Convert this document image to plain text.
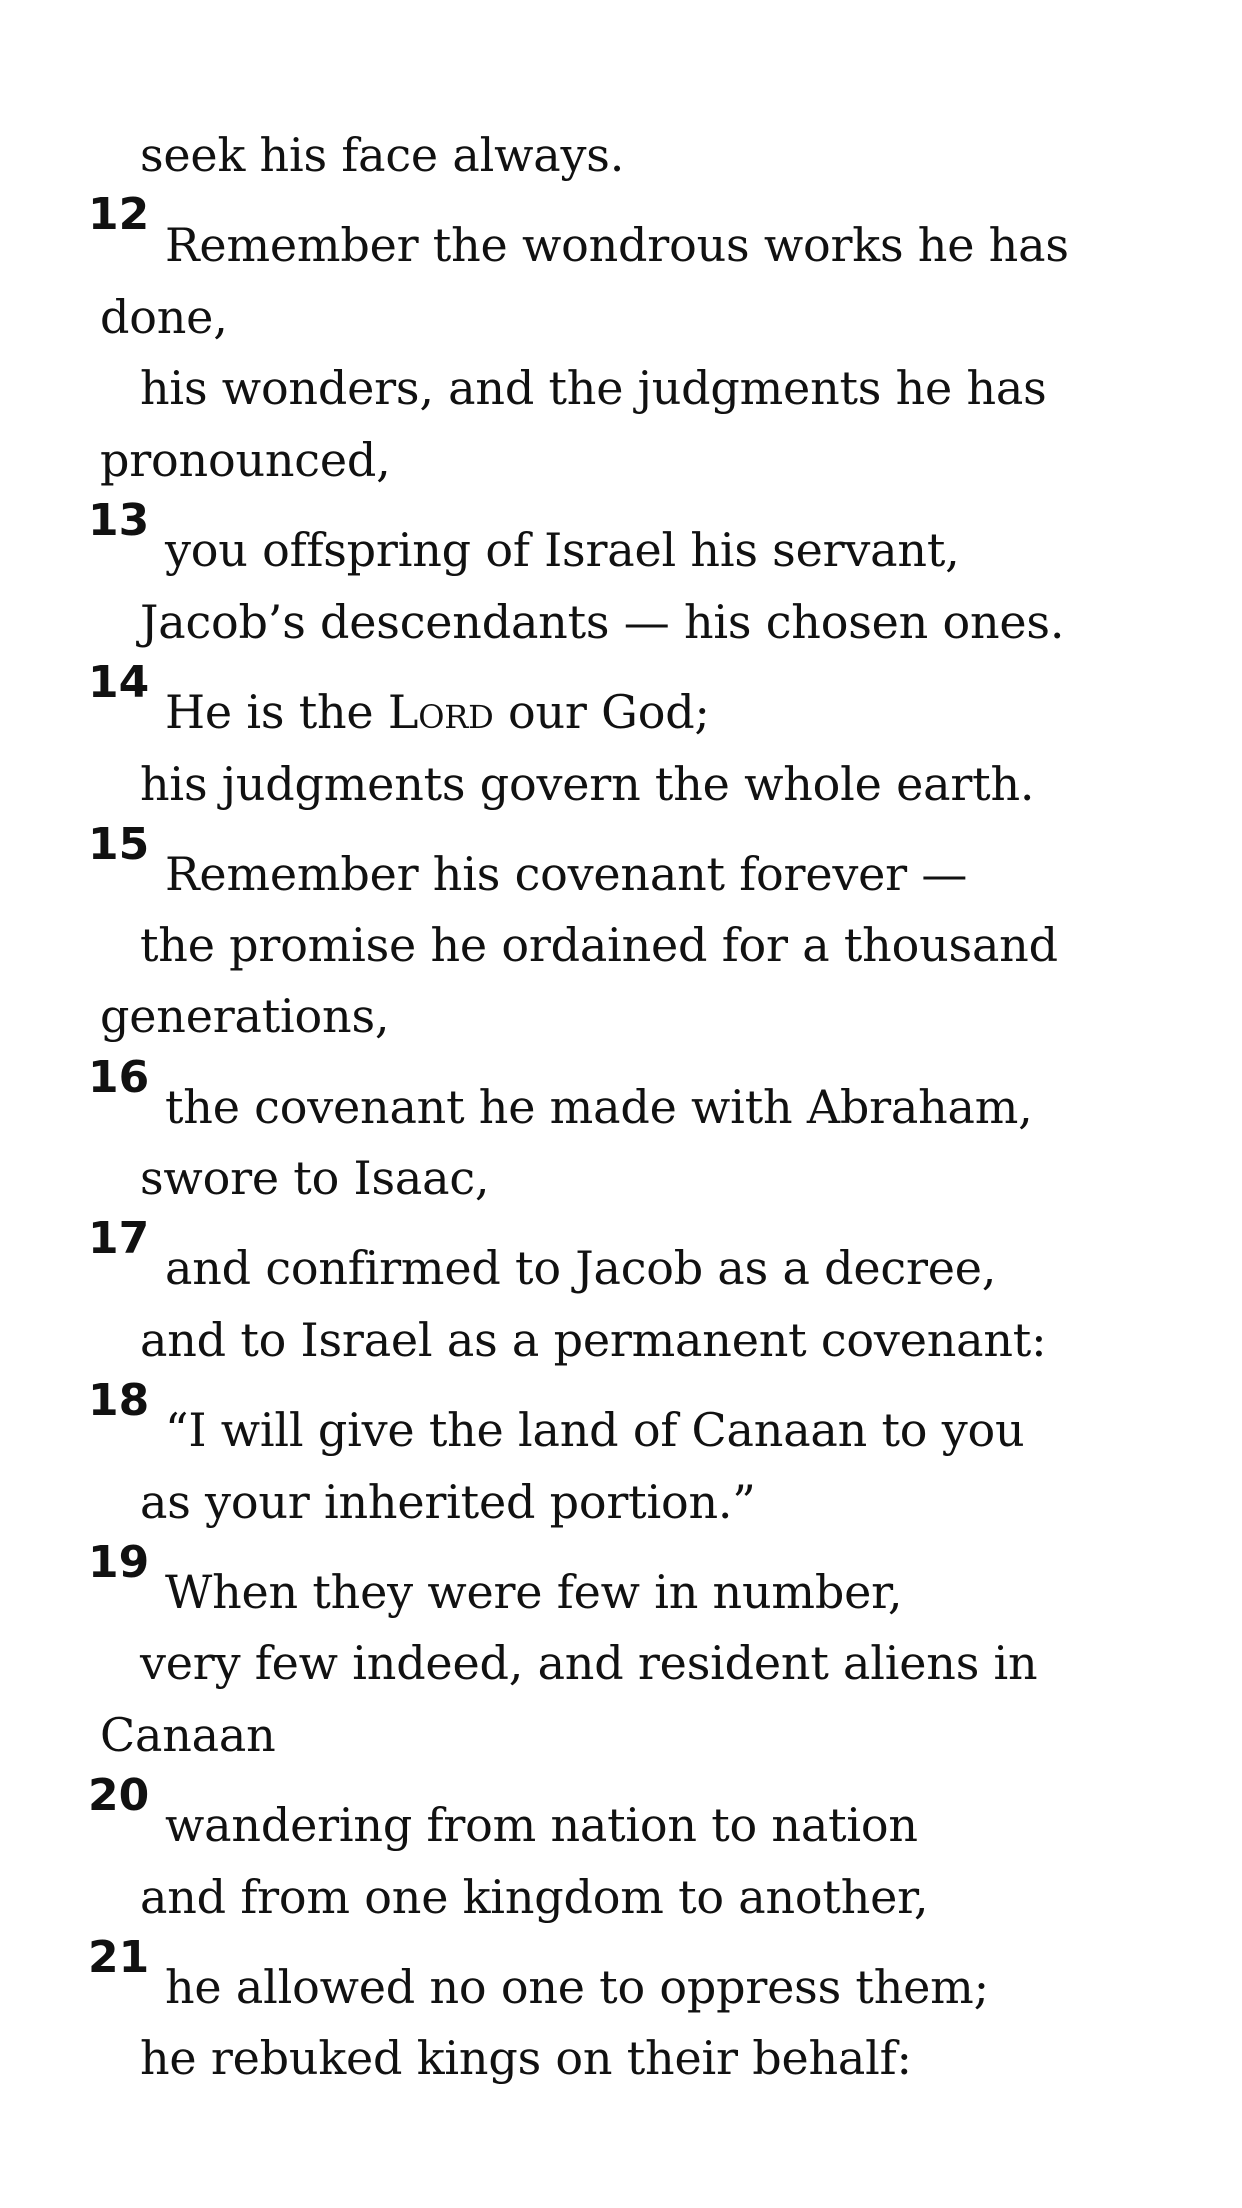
seek his face always.
12
Remember the wondrous works he has
done,
his wonders, and the judgments he has
pronounced,
13
you offspring of Israel his servant,
Jacob’s descendants — his chosen ones.
14
He is the Lord our God;
his judgments govern the whole earth.
15
Remember his covenant forever —
the promise he ordained for a thousand
generations,
16
the covenant he made with Abraham,
swore to Isaac,
17
and confirmed to Jacob as a decree,
and to Israel as a permanent covenant:
18
“I will give the land of Canaan to you
as your inherited portion.”
19
When they were few in number,
very few indeed, and resident aliens in
Canaan
20
wandering from nation to nation
and from one kingdom to another,
21
he allowed no one to oppress them;
he rebuked kings on their behalf:
